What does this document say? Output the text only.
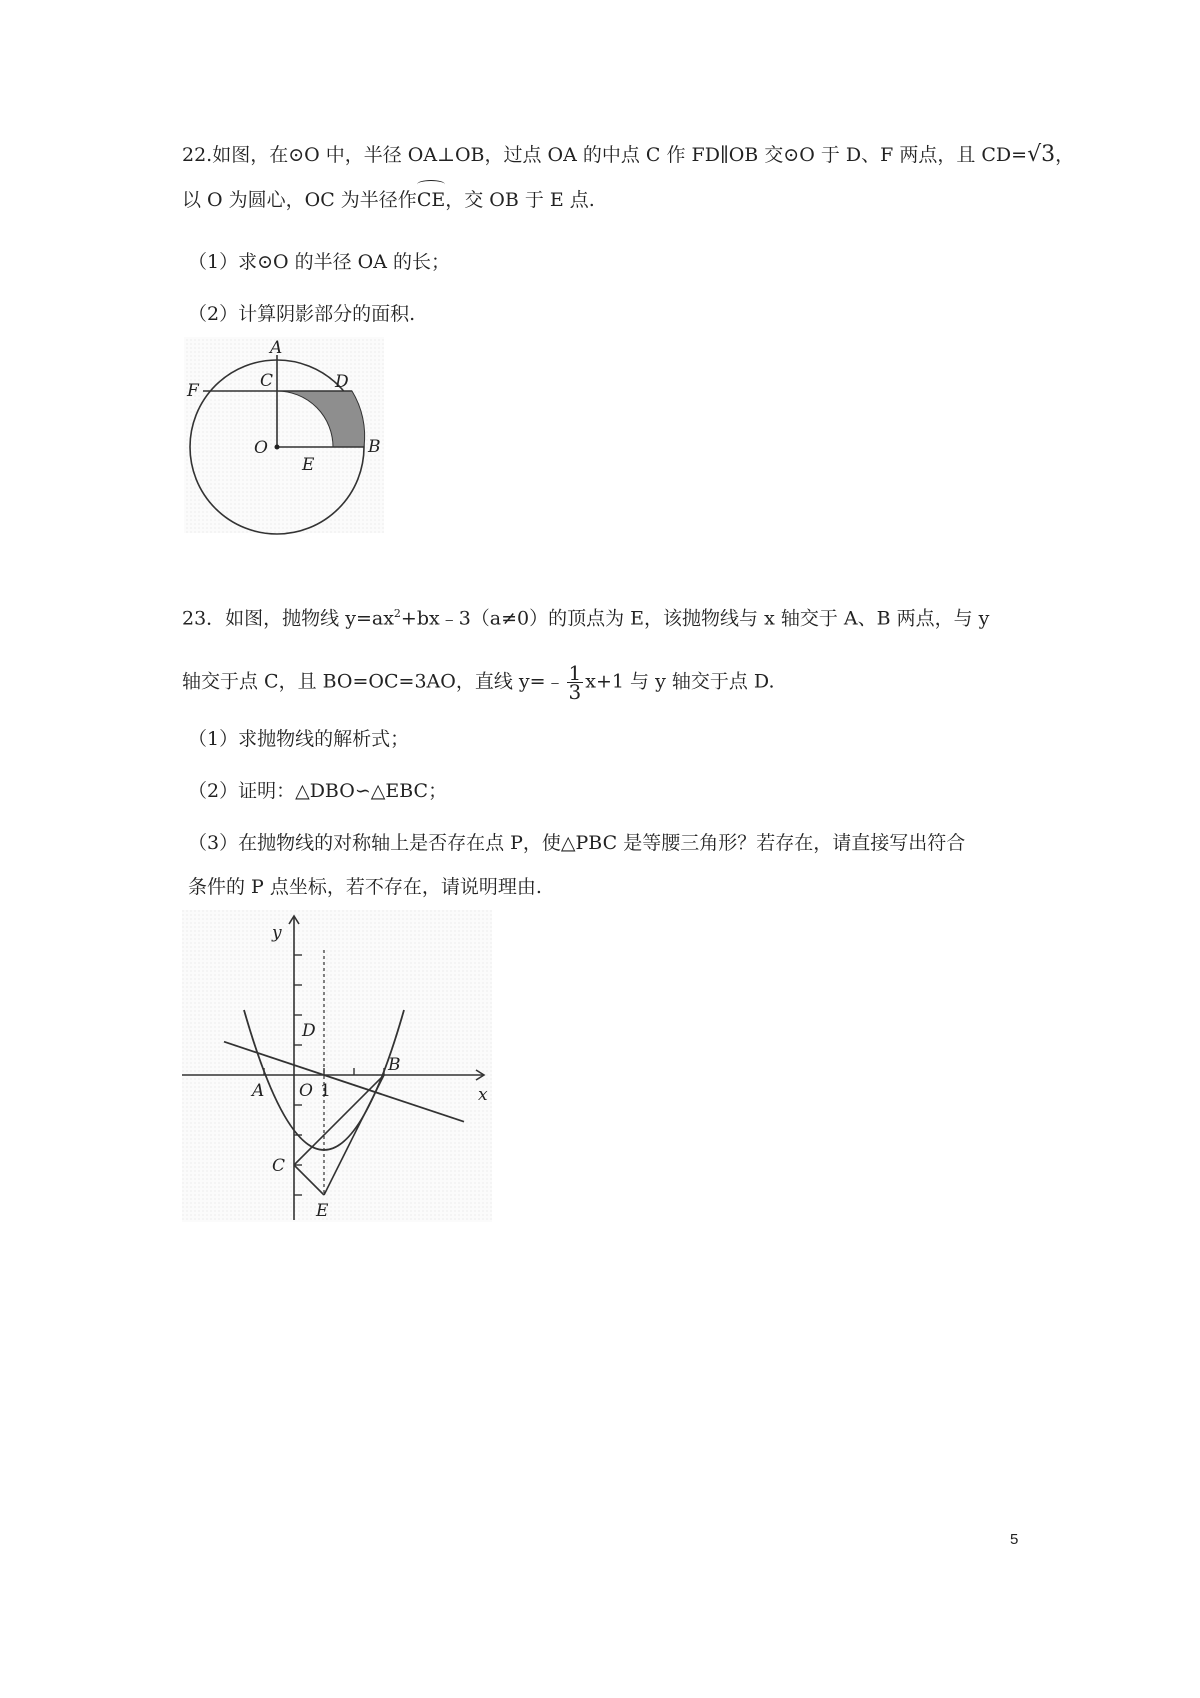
22.如图，在⊙O 中，半径 OA⊥OB，过点 OA 的中点 C 作 FD∥OB 交⊙O 于 D、F 两点，且 CD=√3，
以 O 为圆心，OC 为半径作CE，交 OB 于 E 点.
（1）求⊙O 的半径 OA 的长；
（2）计算阴影部分的面积.
A
C	D
F
O
E
B
23．如图，抛物线 $y=ax^2+bx﹣3(a\ne 0)$的顶点为 E，该抛物线与 x 轴交于 A、B 两点，与 y
轴交于点 C，且 BO=OC=3AO，直线 y=﹣ $\frac{1}{3} x+1$ 与 y 轴交于点 D.
（1）求抛物线的解析式；
（2）证明：△DBO∽△EBC；
（3）在抛物线的对称轴上是否存在点 P，使△PBC 是等腰三角形？若存在，请直接写出符合
条件的 P 点坐标，若不存在，请说明理由.
y
x
D
B
A O 1
C
E
5
